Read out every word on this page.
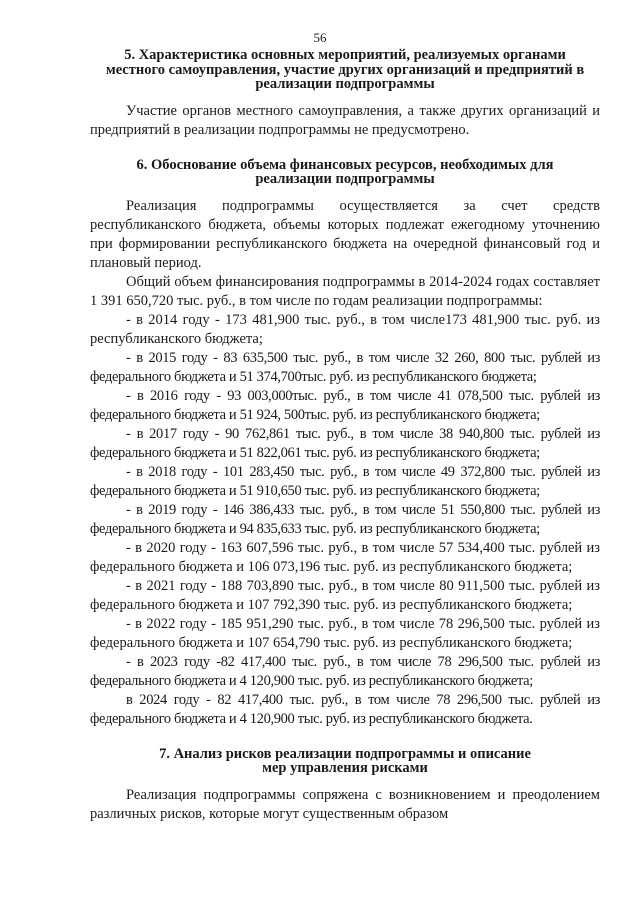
56

5. Характеристика основных мероприятий, реализуемых органами

местного самоуправления, участие других организаций и предприятий в

реализации подпрограммы

Участие органов местного самоуправления, а также других организаций и предприятий в реализации подпрограммы не предусмотрено.

6. Обоснование объема финансовых ресурсов, необходимых для

реализации подпрограммы

Реализация подпрограммы осуществляется за счет средств республиканского бюджета, объемы которых подлежат ежегодному уточнению при формировании республиканского бюджета на очередной финансовый год и плановый период.

Общий объем финансирования подпрограммы в 2014-2024 годах составляет 1 391 650,720 тыс. руб., в том числе по годам реализации подпрограммы:

- в 2014 году - 173 481,900 тыс. руб., в том числе173 481,900 тыс. руб. из республиканского бюджета;

- в 2015 году - 83 635,500 тыс. руб., в том числе 32 260, 800 тыс. рублей из федерального бюджета и 51 374,700тыс. руб. из республиканского бюджета;

- в 2016 году - 93 003,000тыс. руб., в том числе 41 078,500 тыс. рублей из федерального бюджета и 51 924, 500тыс. руб. из республиканского бюджета;

- в 2017 году - 90 762,861 тыс. руб., в том числе 38 940,800 тыс. рублей из федерального бюджета и 51 822,061 тыс. руб. из республиканского бюджета;

- в 2018 году - 101 283,450 тыс. руб., в том числе 49 372,800 тыс. рублей из федерального бюджета и 51 910,650 тыс. руб. из республиканского бюджета;

- в 2019 году - 146 386,433 тыс. руб., в том числе 51 550,800 тыс. рублей из федерального бюджета и 94 835,633 тыс. руб. из республиканского бюджета;

- в 2020 году - 163 607,596 тыс. руб., в том числе 57 534,400 тыс. рублей из федерального бюджета и 106 073,196 тыс. руб. из республиканского бюджета;

- в 2021 году - 188 703,890 тыс. руб., в том числе 80 911,500 тыс. рублей из федерального бюджета и 107 792,390 тыс. руб. из республиканского бюджета;

- в 2022 году - 185 951,290 тыс. руб., в том числе 78 296,500 тыс. рублей из федерального бюджета и 107 654,790 тыс. руб. из республиканского бюджета;

- в 2023 году -82 417,400 тыс. руб., в том числе 78 296,500 тыс. рублей из федерального бюджета и 4 120,900 тыс. руб. из республиканского бюджета;

в 2024 году - 82 417,400 тыс. руб., в том числе 78 296,500 тыс. рублей из федерального бюджета и 4 120,900 тыс. руб. из республиканского бюджета.

7. Анализ рисков реализации подпрограммы и описание

мер управления рисками

Реализация подпрограммы сопряжена с возникновением и преодолением различных рисков, которые могут существенным образом
